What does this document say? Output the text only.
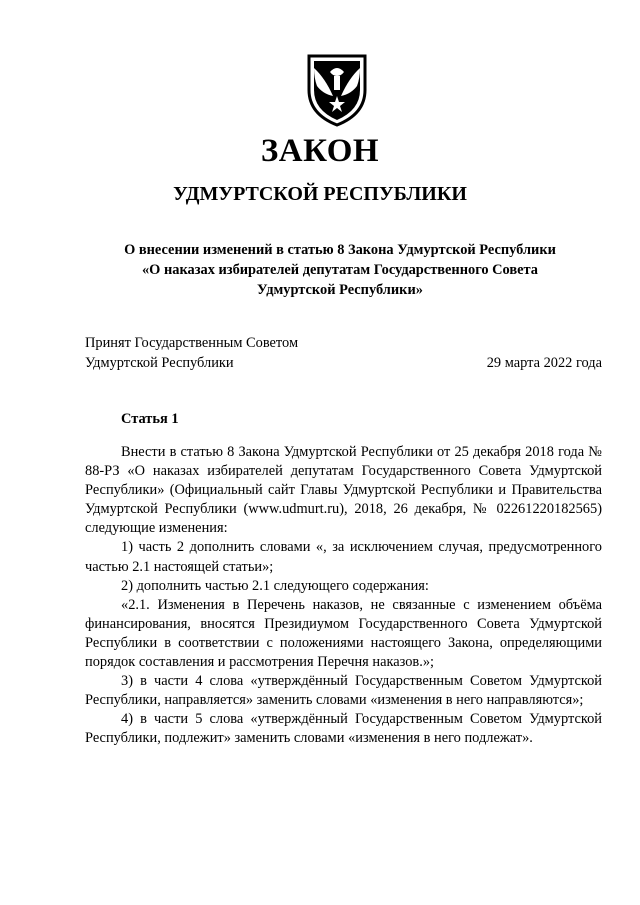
ЗАКОН
УДМУРТСКОЙ РЕСПУБЛИКИ
О внесении изменений в статью 8 Закона Удмуртской Республики
«О наказах избирателей депутатам Государственного Совета
Удмуртской Республики»
Принят Государственным Советом
Удмуртской Республики	29 марта 2022 года
Статья 1

Внести в статью 8 Закона Удмуртской Республики от 25 декабря 2018 года № 88-РЗ «О наказах избирателей депутатам Государственного Совета Удмуртской Республики» (Официальный сайт Главы Удмуртской Республики и Правительства Удмуртской Республики (www.udmurt.ru), 2018, 26 декабря, № 02261220182565) следующие изменения:

1) часть 2 дополнить словами «, за исключением случая, предусмотренного частью 2.1 настоящей статьи»;

2) дополнить частью 2.1 следующего содержания:

«2.1. Изменения в Перечень наказов, не связанные с изменением объёма финансирования, вносятся Президиумом Государственного Совета Удмуртской Республики в соответствии с положениями настоящего Закона, определяющими порядок составления и рассмотрения Перечня наказов.»;

3) в части 4 слова «утверждённый Государственным Советом Удмуртской Республики, направляется» заменить словами «изменения в него направляются»;

4) в части 5 слова «утверждённый Государственным Советом Удмуртской Республики, подлежит» заменить словами «изменения в него подлежат».
